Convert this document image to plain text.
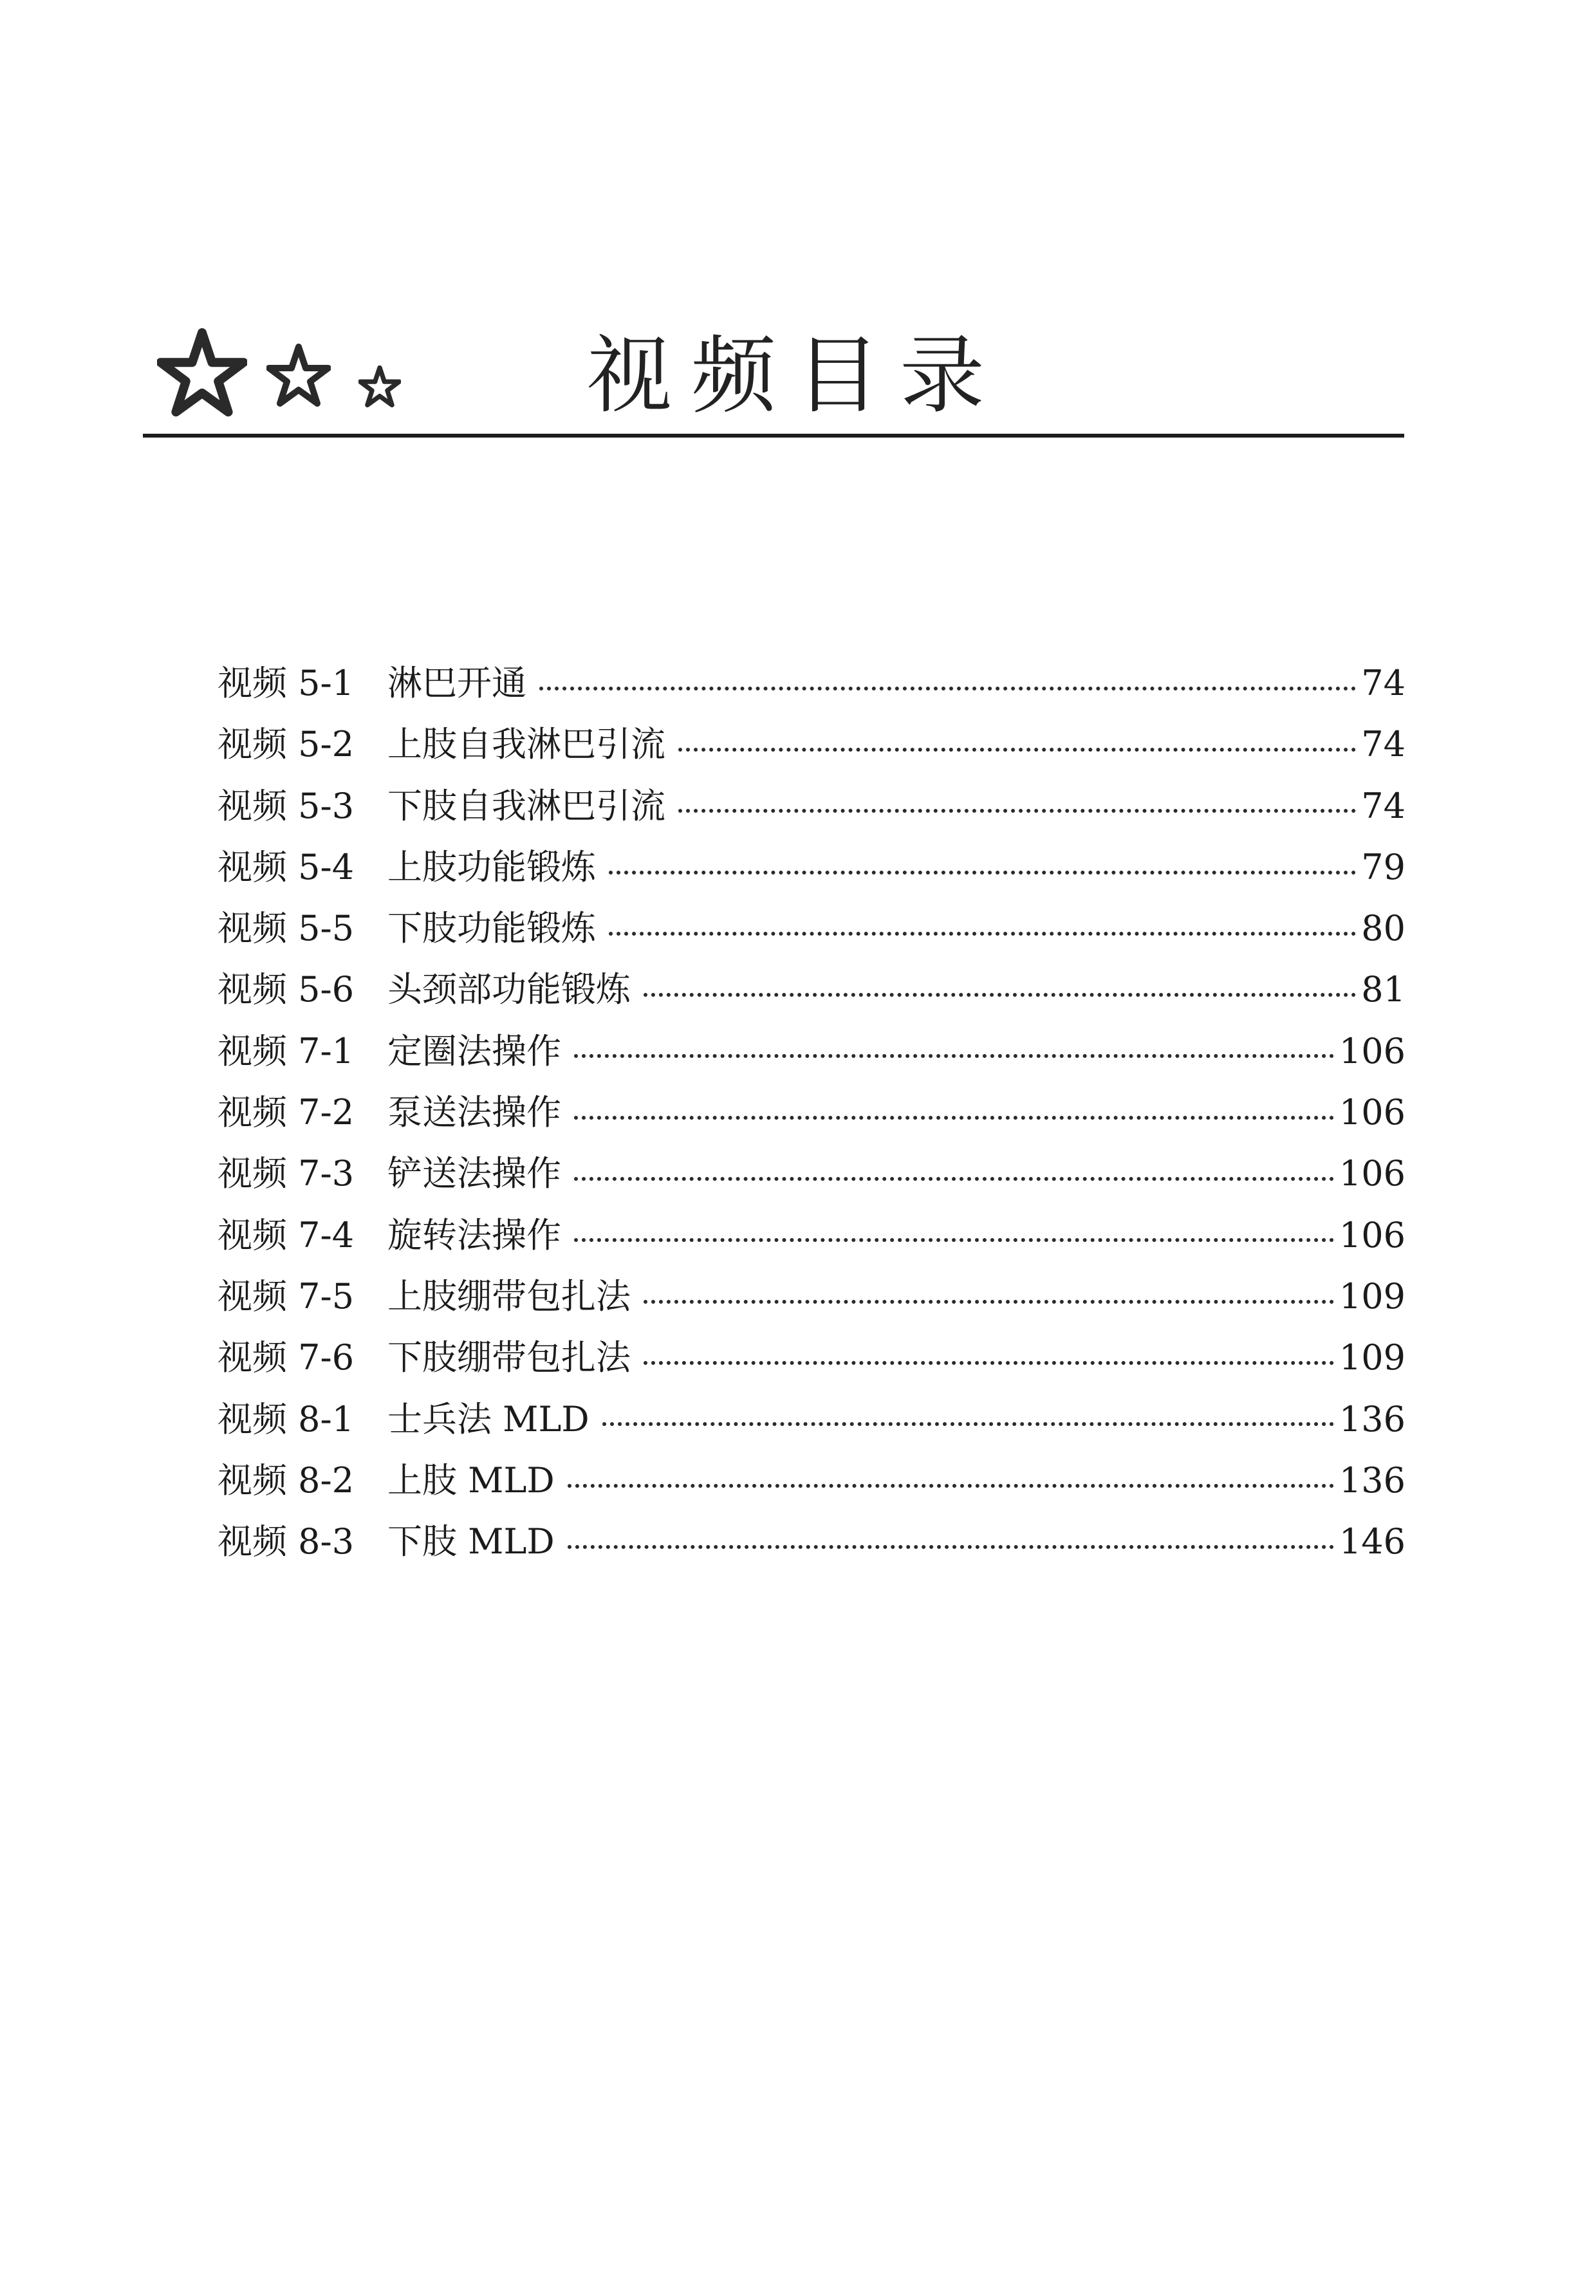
视频目录
视频 5-1 淋巴开通	74
视频 5-2 上肢自我淋巴引流	74
视频 5-3 下肢自我淋巴引流	74
视频 5-4 上肢功能锻炼	79
视频 5-5 下肢功能锻炼	80
视频 5-6 头颈部功能锻炼	81
视频 7-1 定圈法操作	106
视频 7-2 泵送法操作	106
视频 7-3 铲送法操作	106
视频 7-4 旋转法操作	106
视频 7-5 上肢绷带包扎法	109
视频 7-6 下肢绷带包扎法	109
视频 8-1 士兵法 MLD	136
视频 8-2 上肢 MLD	136
视频 8-3 下肢 MLD	146
